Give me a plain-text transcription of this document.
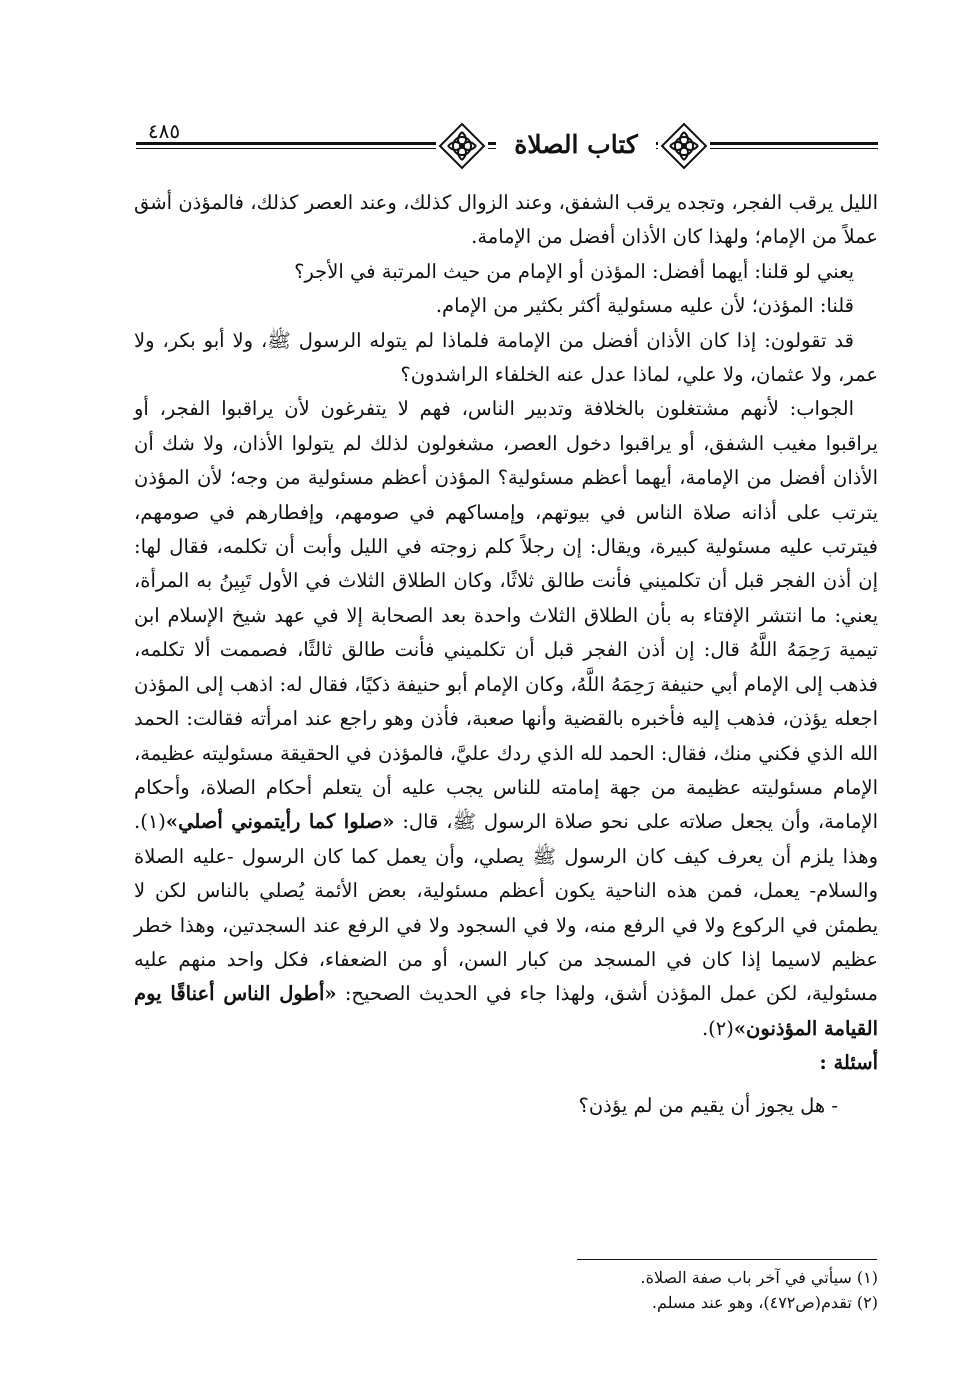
٤٨٥	كتاب الصلاة

الليل يرقب الفجر، وتجده يرقب الشفق، وعند الزوال كذلك، وعند العصر كذلك، فالمؤذن أشق عملاً من الإمام؛ ولهذا كان الأذان أفضل من الإمامة.

يعني لو قلنا: أيهما أفضل: المؤذن أو الإمام من حيث المرتبة في الأجر؟

قلنا: المؤذن؛ لأن عليه مسئولية أكثر بكثير من الإمام.

قد تقولون: إذا كان الأذان أفضل من الإمامة فلماذا لم يتوله الرسول ﷺ، ولا أبو بكر، ولا عمر، ولا عثمان، ولا علي، لماذا عدل عنه الخلفاء الراشدون؟

الجواب: لأنهم مشتغلون بالخلافة وتدبير الناس، فهم لا يتفرغون لأن يراقبوا الفجر، أو يراقبوا مغيب الشفق، أو يراقبوا دخول العصر، مشغولون لذلك لم يتولوا الأذان، ولا شك أن الأذان أفضل من الإمامة، أيهما أعظم مسئولية؟ المؤذن أعظم مسئولية من وجه؛ لأن المؤذن يترتب على أذانه صلاة الناس في بيوتهم، وإمساكهم في صومهم، وإفطارهم في صومهم، فيترتب عليه مسئولية كبيرة، ويقال: إن رجلاً كلم زوجته في الليل وأبت أن تكلمه، فقال لها: إن أذن الفجر قبل أن تكلميني فأنت طالق ثلاثًا، وكان الطلاق الثلاث في الأول تَبِينُ به المرأة، يعني: ما انتشر الإفتاء به بأن الطلاق الثلاث واحدة بعد الصحابة إلا في عهد شيخ الإسلام ابن تيمية رَحِمَهُ اللَّهُ قال: إن أذن الفجر قبل أن تكلميني فأنت طالق ثالثًا، فصممت ألا تكلمه، فذهب إلى الإمام أبي حنيفة رَحِمَهُ اللَّهُ، وكان الإمام أبو حنيفة ذكيًا، فقال له: اذهب إلى المؤذن اجعله يؤذن، فذهب إليه فأخبره بالقضية وأنها صعبة، فأذن وهو راجع عند امرأته فقالت: الحمد الله الذي فكني منك، فقال: الحمد لله الذي ردك عليَّ، فالمؤذن في الحقيقة مسئوليته عظيمة، الإمام مسئوليته عظيمة من جهة إمامته للناس يجب عليه أن يتعلم أحكام الصلاة، وأحكام الإمامة، وأن يجعل صلاته على نحو صلاة الرسول ﷺ، قال: «صلوا كما رأيتموني أصلي»(١). وهذا يلزم أن يعرف كيف كان الرسول ﷺ يصلي، وأن يعمل كما كان الرسول -عليه الصلاة والسلام- يعمل، فمن هذه الناحية يكون أعظم مسئولية، بعض الأئمة يُصلي بالناس لكن لا يطمئن في الركوع ولا في الرفع منه، ولا في السجود ولا في الرفع عند السجدتين، وهذا خطر عظيم لاسيما إذا كان في المسجد من كبار السن، أو من الضعفاء، فكل واحد منهم عليه مسئولية، لكن عمل المؤذن أشق، ولهذا جاء في الحديث الصحيح: «أطول الناس أعناقًا يوم القيامة المؤذنون»(٢).

أسئلة :
- هل يجوز أن يقيم من لم يؤذن؟
(١) سيأتي في آخر باب صفة الصلاة.
(٢) تقدم(ص٤٧٢)، وهو عند مسلم.
